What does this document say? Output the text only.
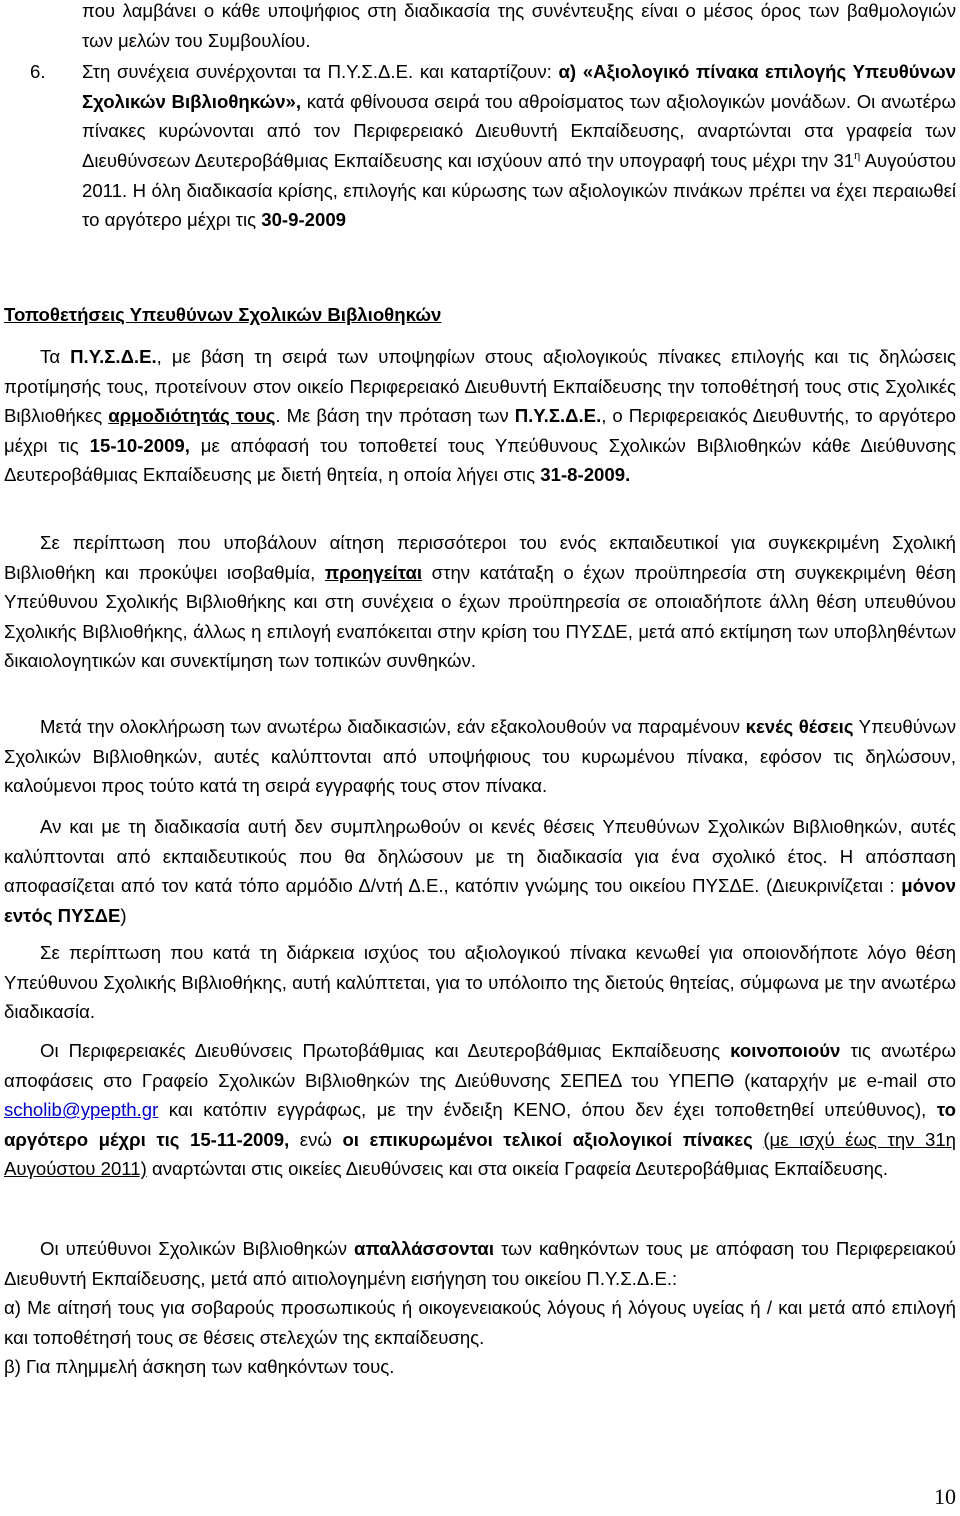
που λαμβάνει ο κάθε υποψήφιος στη διαδικασία της συνέντευξης είναι ο μέσος όρος των βαθμολογιών των μελών του Συμβουλίου.

6. Στη συνέχεια συνέρχονται τα Π.Υ.Σ.Δ.Ε. και καταρτίζουν: α) «Αξιολογικό πίνακα επιλογής Υπευθύνων Σχολικών Βιβλιοθηκών», κατά φθίνουσα σειρά του αθροίσματος των αξιολογικών μονάδων. Οι ανωτέρω πίνακες κυρώνονται από τον Περιφερειακό Διευθυντή Εκπαίδευσης, αναρτώνται στα γραφεία των Διευθύνσεων Δευτεροβάθμιας Εκπαίδευσης και ισχύουν από την υπογραφή τους μέχρι την $31^\eta$ Αυγούστου 2011. Η όλη διαδικασία κρίσης, επιλογής και κύρωσης των αξιολογικών πινάκων πρέπει να έχει περαιωθεί το αργότερο μέχρι τις 30-9-2009

Τοποθετήσεις Υπευθύνων Σχολικών Βιβλιοθηκών

Τα Π.Υ.Σ.Δ.Ε., με βάση τη σειρά των υποψηφίων στους αξιολογικούς πίνακες επιλογής και τις δηλώσεις προτίμησής τους, προτείνουν στον οικείο Περιφερειακό Διευθυντή Εκπαίδευσης την τοποθέτησή τους στις Σχολικές Βιβλιοθήκες αρμοδιότητάς τους. Με βάση την πρόταση των Π.Υ.Σ.Δ.Ε., ο Περιφερειακός Διευθυντής, το αργότερο μέχρι τις 15-10-2009, με απόφασή του τοποθετεί τους Υπεύθυνους Σχολικών Βιβλιοθηκών κάθε Διεύθυνσης Δευτεροβάθμιας Εκπαίδευσης με διετή θητεία, η οποία λήγει στις 31-8-2009.

Σε περίπτωση που υποβάλουν αίτηση περισσότεροι του ενός εκπαιδευτικοί για συγκεκριμένη Σχολική Βιβλιοθήκη και προκύψει ισοβαθμία, προηγείται στην κατάταξη ο έχων προϋπηρεσία στη συγκεκριμένη θέση Υπεύθυνου Σχολικής Βιβλιοθήκης και στη συνέχεια ο έχων προϋπηρεσία σε οποιαδήποτε άλλη θέση υπευθύνου Σχολικής Βιβλιοθήκης, άλλως η επιλογή εναπόκειται στην κρίση του ΠΥΣΔΕ, μετά από εκτίμηση των υποβληθέντων δικαιολογητικών και συνεκτίμηση των τοπικών συνθηκών.

Μετά την ολοκλήρωση των ανωτέρω διαδικασιών, εάν εξακολουθούν να παραμένουν κενές θέσεις Υπευθύνων Σχολικών Βιβλιοθηκών, αυτές καλύπτονται από υποψήφιους του κυρωμένου πίνακα, εφόσον τις δηλώσουν, καλούμενοι προς τούτο κατά τη σειρά εγγραφής τους στον πίνακα.

Αν και με τη διαδικασία αυτή δεν συμπληρωθούν οι κενές θέσεις Υπευθύνων Σχολικών Βιβλιοθηκών, αυτές καλύπτονται από εκπαιδευτικούς που θα δηλώσουν με τη διαδικασία για ένα σχολικό έτος. Η απόσπαση αποφασίζεται από τον κατά τόπο αρμόδιο Δ/ντή Δ.Ε., κατόπιν γνώμης του οικείου ΠΥΣΔΕ. (Διευκρινίζεται : μόνον εντός ΠΥΣΔΕ)

Σε περίπτωση που κατά τη διάρκεια ισχύος του αξιολογικού πίνακα κενωθεί για οποιονδήποτε λόγο θέση Υπεύθυνου Σχολικής Βιβλιοθήκης, αυτή καλύπτεται, για το υπόλοιπο της διετούς θητείας, σύμφωνα με την ανωτέρω διαδικασία.

Οι Περιφερειακές Διευθύνσεις Πρωτοβάθμιας και Δευτεροβάθμιας Εκπαίδευσης κοινοποιούν τις ανωτέρω αποφάσεις στο Γραφείο Σχολικών Βιβλιοθηκών της Διεύθυνσης ΣΕΠΕΔ του ΥΠΕΠΘ (καταρχήν με e-mail στο scholib@ypepth.gr και κατόπιν εγγράφως, με την ένδειξη ΚΕΝΟ, όπου δεν έχει τοποθετηθεί υπεύθυνος), το αργότερο μέχρι τις 15-11-2009, ενώ οι επικυρωμένοι τελικοί αξιολογικοί πίνακες (με ισχύ έως την 31η Αυγούστου 2011) αναρτώνται στις οικείες Διευθύνσεις και στα οικεία Γραφεία Δευτεροβάθμιας Εκπαίδευσης.

Οι υπεύθυνοι Σχολικών Βιβλιοθηκών απαλλάσσονται των καθηκόντων τους με απόφαση του Περιφερειακού Διευθυντή Εκπαίδευσης, μετά από αιτιολογημένη εισήγηση του οικείου Π.Υ.Σ.Δ.Ε.:

α) Με αίτησή τους για σοβαρούς προσωπικούς ή οικογενειακούς λόγους ή λόγους υγείας ή / και μετά από επιλογή και τοποθέτησή τους σε θέσεις στελεχών της εκπαίδευσης.

β) Για πλημμελή άσκηση των καθηκόντων τους.

10
